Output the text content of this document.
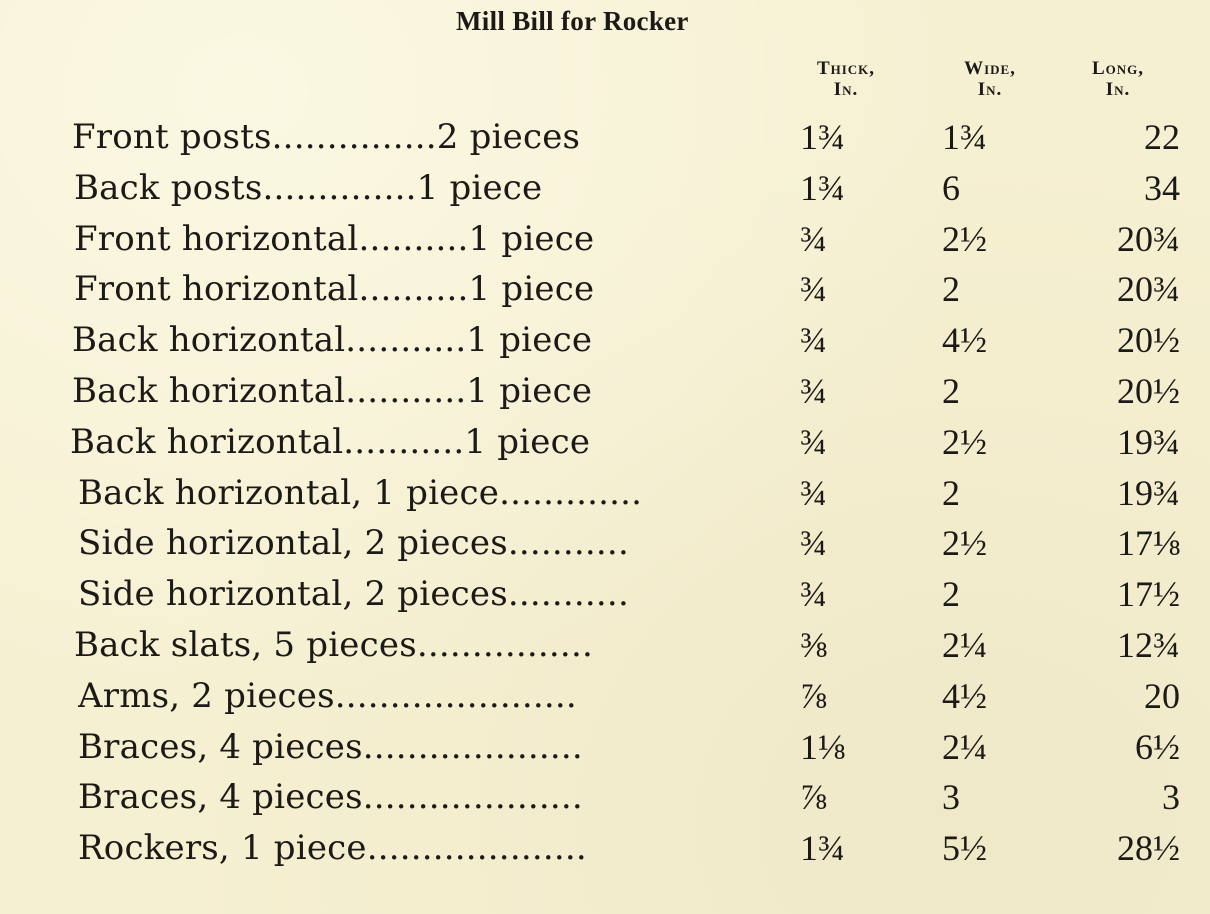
Mill Bill for Rocker
Thick,
In.
Wide,
In.
Long,
In.
Front posts...............2 pieces	1¾	1¾	22
Back posts..............1 piece	1¾	6	34
Front horizontal..........1 piece	¾	2½	20¾
Front horizontal..........1 piece	¾	2	20¾
Back horizontal...........1 piece	¾	4½	20½
Back horizontal...........1 piece	¾	2	20½
Back horizontal...........1 piece	¾	2½	19¾
Back horizontal, 1 piece.............	¾	2	19¾
Side horizontal, 2 pieces...........	¾	2½	17⅛
Side horizontal, 2 pieces...........	¾	2	17½
Back slats, 5 pieces................	⅜	2¼	12¾
Arms, 2 pieces......................	⅞	4½	20
Braces, 4 pieces....................	1⅛	2¼	6½
Braces, 4 pieces....................	⅞	3	3
Rockers, 1 piece....................	1¾	5½	28½
